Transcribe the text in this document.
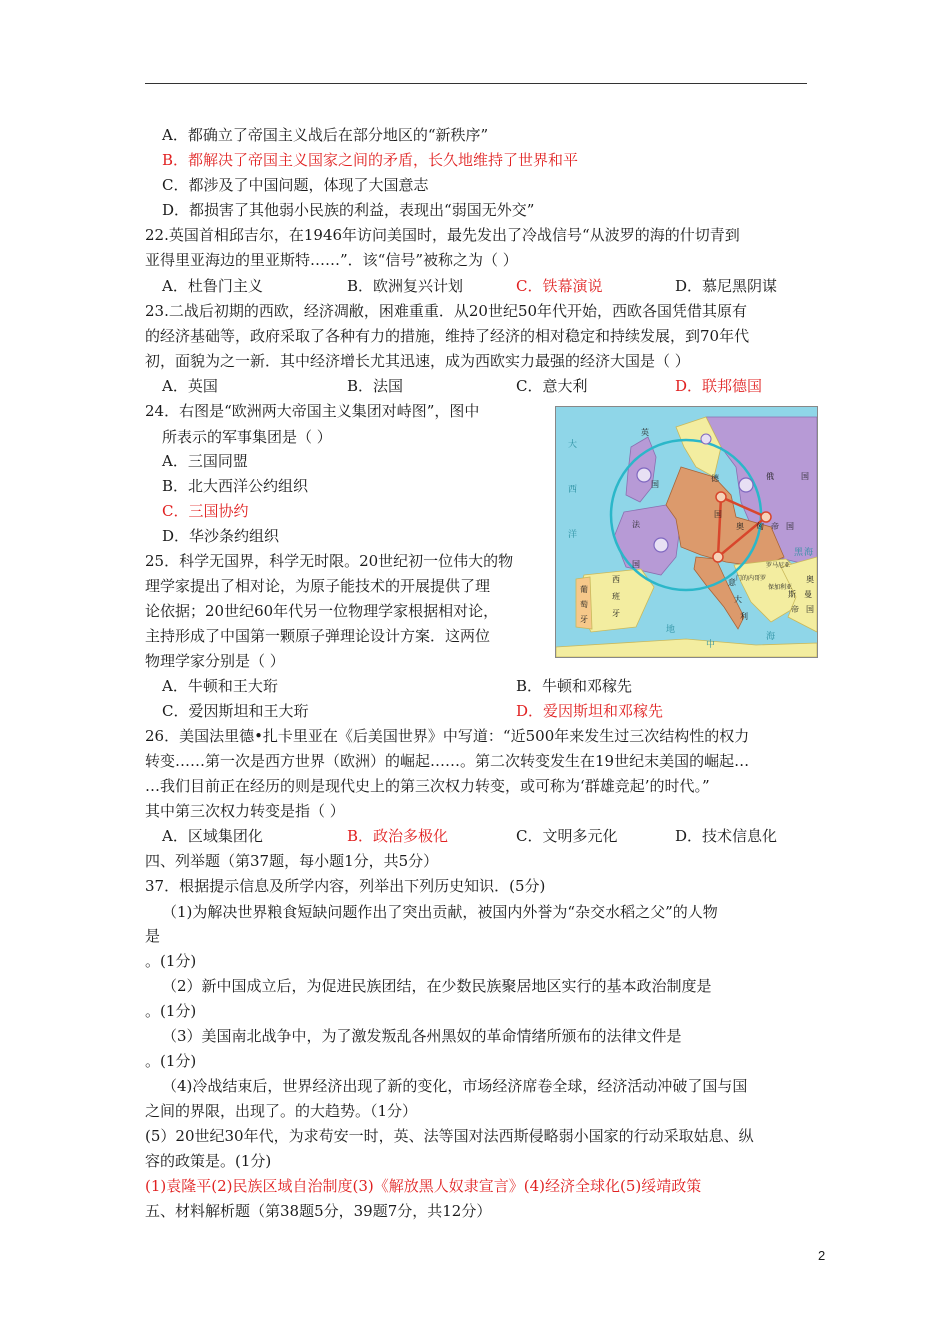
A．都确立了帝国主义战后在部分地区的“新秩序”
B．都解决了帝国主义国家之间的矛盾，长久地维持了世界和平
C．都涉及了中国问题，体现了大国意志
D．都损害了其他弱小民族的利益，表现出“弱国无外交”
22.英国首相邱吉尔，在1946年访问美国时，最先发出了冷战信号“从波罗的海的什切青到
亚得里亚海边的里亚斯特……”．该“信号”被称之为（ ）
A．杜鲁门主义	B．欧洲复兴计划	C．铁幕演说	D．慕尼黑阴谋
23.二战后初期的西欧，经济凋敝，困难重重．从20世纪50年代开始，西欧各国凭借其原有
的经济基础等，政府采取了各种有力的措施，维持了经济的相对稳定和持续发展，到70年代
初，面貌为之一新．其中经济增长尤其迅速，成为西欧实力最强的经济大国是（ ）
A．英国	B．法国	C．意大利	D．联邦德国
24．右图是“欧洲两大帝国主义集团对峙图”，图中
所表示的军事集团是（ ）
A．三国同盟
B．北大西洋公约组织
C．三国协约
D．华沙条约组织
英
国
法
国
德
国
俄	国
奥 匈 帝 国
意
大
利
西
班
牙
葡
萄
牙
奥
斯 曼
帝 国
罗马尼亚
保加利亚
门的内哥罗
大
西
洋
黑 海
地
中
海
25．科学无国界，科学无时限。20世纪初一位伟大的物
理学家提出了相对论，为原子能技术的开展提供了理
论依据；20世纪60年代另一位物理学家根据相对论，
主持形成了中国第一颗原子弹理论设计方案．这两位
物理学家分别是（ ）
A．牛顿和王大珩	B．牛顿和邓稼先
C．爱因斯坦和王大珩	D．爱因斯坦和邓稼先
26．美国法里德•扎卡里亚在《后美国世界》中写道：“近500年来发生过三次结构性的权力
转变……第一次是西方世界（欧洲）的崛起……。第二次转变发生在19世纪末美国的崛起…
…我们目前正在经历的则是现代史上的第三次权力转变，或可称为‘群雄竞起’的时代。”
其中第三次权力转变是指（ ）
A．区域集团化	B．政治多极化	C．文明多元化	D．技术信息化
四、列举题（第37题，每小题1分，共5分）
37．根据提示信息及所学内容，列举出下列历史知识．(5分)
（1)为解决世界粮食短缺问题作出了突出贡献，被国内外誉为“杂交水稻之父”的人物
是
。(1分)
（2）新中国成立后，为促进民族团结，在少数民族聚居地区实行的基本政治制度是
。(1分)
（3）美国南北战争中，为了激发叛乱各州黑奴的革命情绪所颁布的法律文件是
。(1分)
（4)冷战结束后，世界经济出现了新的变化，市场经济席卷全球，经济活动冲破了国与国
之间的界限，出现了。的大趋势。（1分）
(5）20世纪30年代，为求苟安一时，英、法等国对法西斯侵略弱小国家的行动采取姑息、纵
容的政策是。(1分)
(1)袁隆平(2)民族区域自治制度(3)《解放黑人奴隶宣言》(4)经济全球化(5)绥靖政策
五、材料解析题（第38题5分，39题7分，共12分）
2
